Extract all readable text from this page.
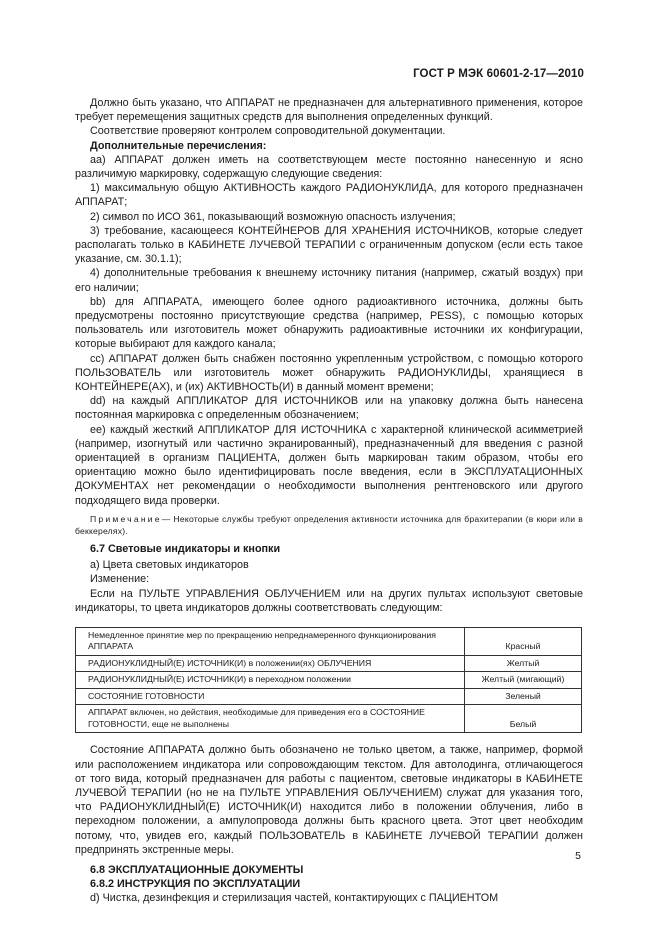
ГОСТ Р МЭК 60601-2-17—2010

Должно быть указано, что АППАРАТ не предназначен для альтернативного применения, которое требует перемещения защитных средств для выполнения определенных функций.

Соответствие проверяют контролем сопроводительной документации.

Дополнительные перечисления:

аа) АППАРАТ должен иметь на соответствующем месте постоянно нанесенную и ясно различимую маркировку, содержащую следующие сведения:

1) максимальную общую АКТИВНОСТЬ каждого РАДИОНУКЛИДА, для которого предназначен АППАРАТ;

2) символ по ИСО 361, показывающий возможную опасность излучения;

3) требование, касающееся КОНТЕЙНЕРОВ ДЛЯ ХРАНЕНИЯ ИСТОЧНИКОВ, которые следует располагать только в КАБИНЕТЕ ЛУЧЕВОЙ ТЕРАПИИ с ограниченным допуском (если есть такое указание, см. 30.1.1);

4) дополнительные требования к внешнему источнику питания (например, сжатый воздух) при его наличии;

bb) для АППАРАТА, имеющего более одного радиоактивного источника, должны быть предусмотрены постоянно присутствующие средства (например, PESS), с помощью которых пользователь или изготовитель может обнаружить радиоактивные источники их конфигурации, которые выбирают для каждого канала;

сс) АППАРАТ должен быть снабжен постоянно укрепленным устройством, с помощью которого ПОЛЬЗОВАТЕЛЬ или изготовитель может обнаружить РАДИОНУКЛИДЫ, хранящиеся в КОНТЕЙНЕРЕ(АХ), и (их) АКТИВНОСТЬ(И) в данный момент времени;

dd) на каждый АППЛИКАТОР ДЛЯ ИСТОЧНИКОВ или на упаковку должна быть нанесена постоянная маркировка с определенным обозначением;

ее) каждый жесткий АППЛИКАТОР ДЛЯ ИСТОЧНИКА с характерной клинической асимметрией (например, изогнутый или частично экранированный), предназначенный для введения с разной ориентацией в организм ПАЦИЕНТА, должен быть маркирован таким образом, чтобы его ориентацию можно было идентифицировать после введения, если в ЭКСПЛУАТАЦИОННЫХ ДОКУМЕНТАХ нет рекомендации о необходимости выполнения рентгеновского или другого подходящего вида проверки.

Примечание— Некоторые службы требуют определения активности источника для брахитерапии (в кюри или в беккерелях).

6.7 Световые индикаторы и кнопки

а) Цвета световых индикаторов

Изменение:

Если на ПУЛЬТЕ УПРАВЛЕНИЯ ОБЛУЧЕНИЕМ или на других пультах используют световые индикаторы, то цвета индикаторов должны соответствовать следующим:

Немедленное принятие мер по прекращению непреднамеренного функционирования АППАРАТА	Красный
РАДИОНУКЛИДНЫЙ(Е) ИСТОЧНИК(И) в положении(ях) ОБЛУЧЕНИЯ	Желтый
РАДИОНУКЛИДНЫЙ(Е) ИСТОЧНИК(И) в переходном положении	Желтый (мигающий)
СОСТОЯНИЕ ГОТОВНОСТИ	Зеленый
АППАРАТ включен, но действия, необходимые для приведения его в СОСТОЯНИЕ ГОТОВНОСТИ, еще не выполнены	Белый

Состояние АППАРАТА должно быть обозначено не только цветом, а также, например, формой или расположением индикатора или сопровождающим текстом. Для автолодинга, отличающегося от того вида, который предназначен для работы с пациентом, световые индикаторы в КАБИНЕТЕ ЛУЧЕВОЙ ТЕРАПИИ (но не на ПУЛЬТЕ УПРАВЛЕНИЯ ОБЛУЧЕНИЕМ) служат для указания того, что РАДИОНУКЛИДНЫЙ(Е) ИСТОЧНИК(И) находится либо в положении облучения, либо в переходном положении, а ампулопровода должны быть красного цвета. Этот цвет необходим потому, что, увидев его, каждый ПОЛЬЗОВАТЕЛЬ в КАБИНЕТЕ ЛУЧЕВОЙ ТЕРАПИИ должен предпринять экстренные меры.

6.8 ЭКСПЛУАТАЦИОННЫЕ ДОКУМЕНТЫ

6.8.2 ИНСТРУКЦИЯ ПО ЭКСПЛУАТАЦИИ

d) Чистка, дезинфекция и стерилизация частей, контактирующих с ПАЦИЕНТОМ

5
